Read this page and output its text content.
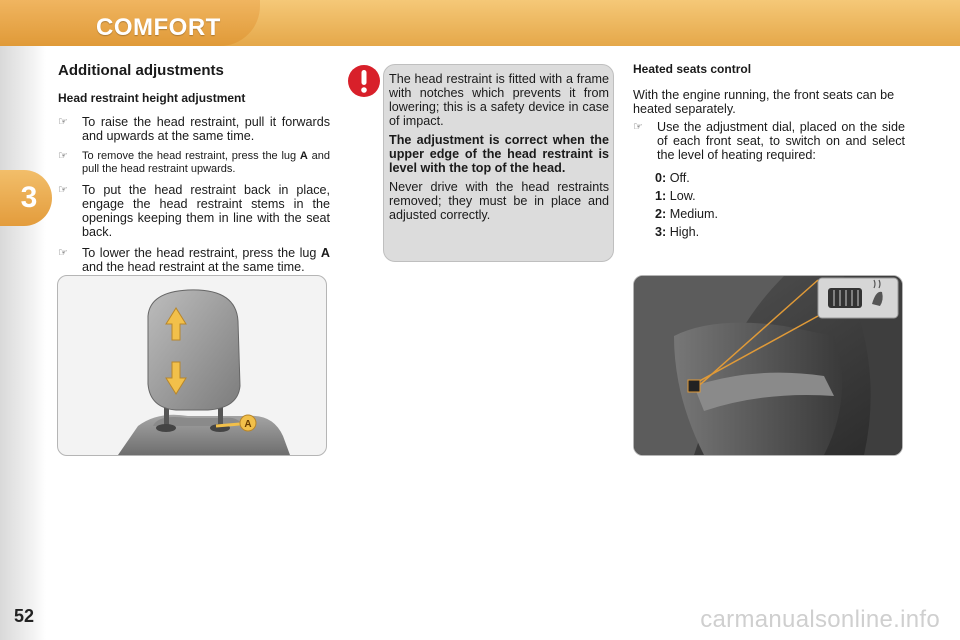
COMFORT
3
52	carmanualsonline.info
Additional adjustments
Head restraint height adjustment
☞ To raise the head restraint, pull it forwards and upwards at the same time.
☞ To remove the head restraint, press the lug A and pull the head restraint upwards.
☞ To put the head restraint back in place, engage the head restraint stems in the openings keeping them in line with the seat back.
☞ To lower the head restraint, press the lug A and the head restraint at the same time.

The head restraint is fitted with a frame with notches which prevents it from lowering; this is a safety device in case of impact.

The adjustment is correct when the upper edge of the head restraint is level with the top of the head.

Never drive with the head restraints removed; they must be in place and adjusted correctly.

Heated seats control

With the engine running, the front seats can be heated separately.

☞ Use the adjustment dial, placed on the side of each front seat, to switch on and select the level of heating required:
0: Off.
1: Low.
2: Medium.
3: High.
A
